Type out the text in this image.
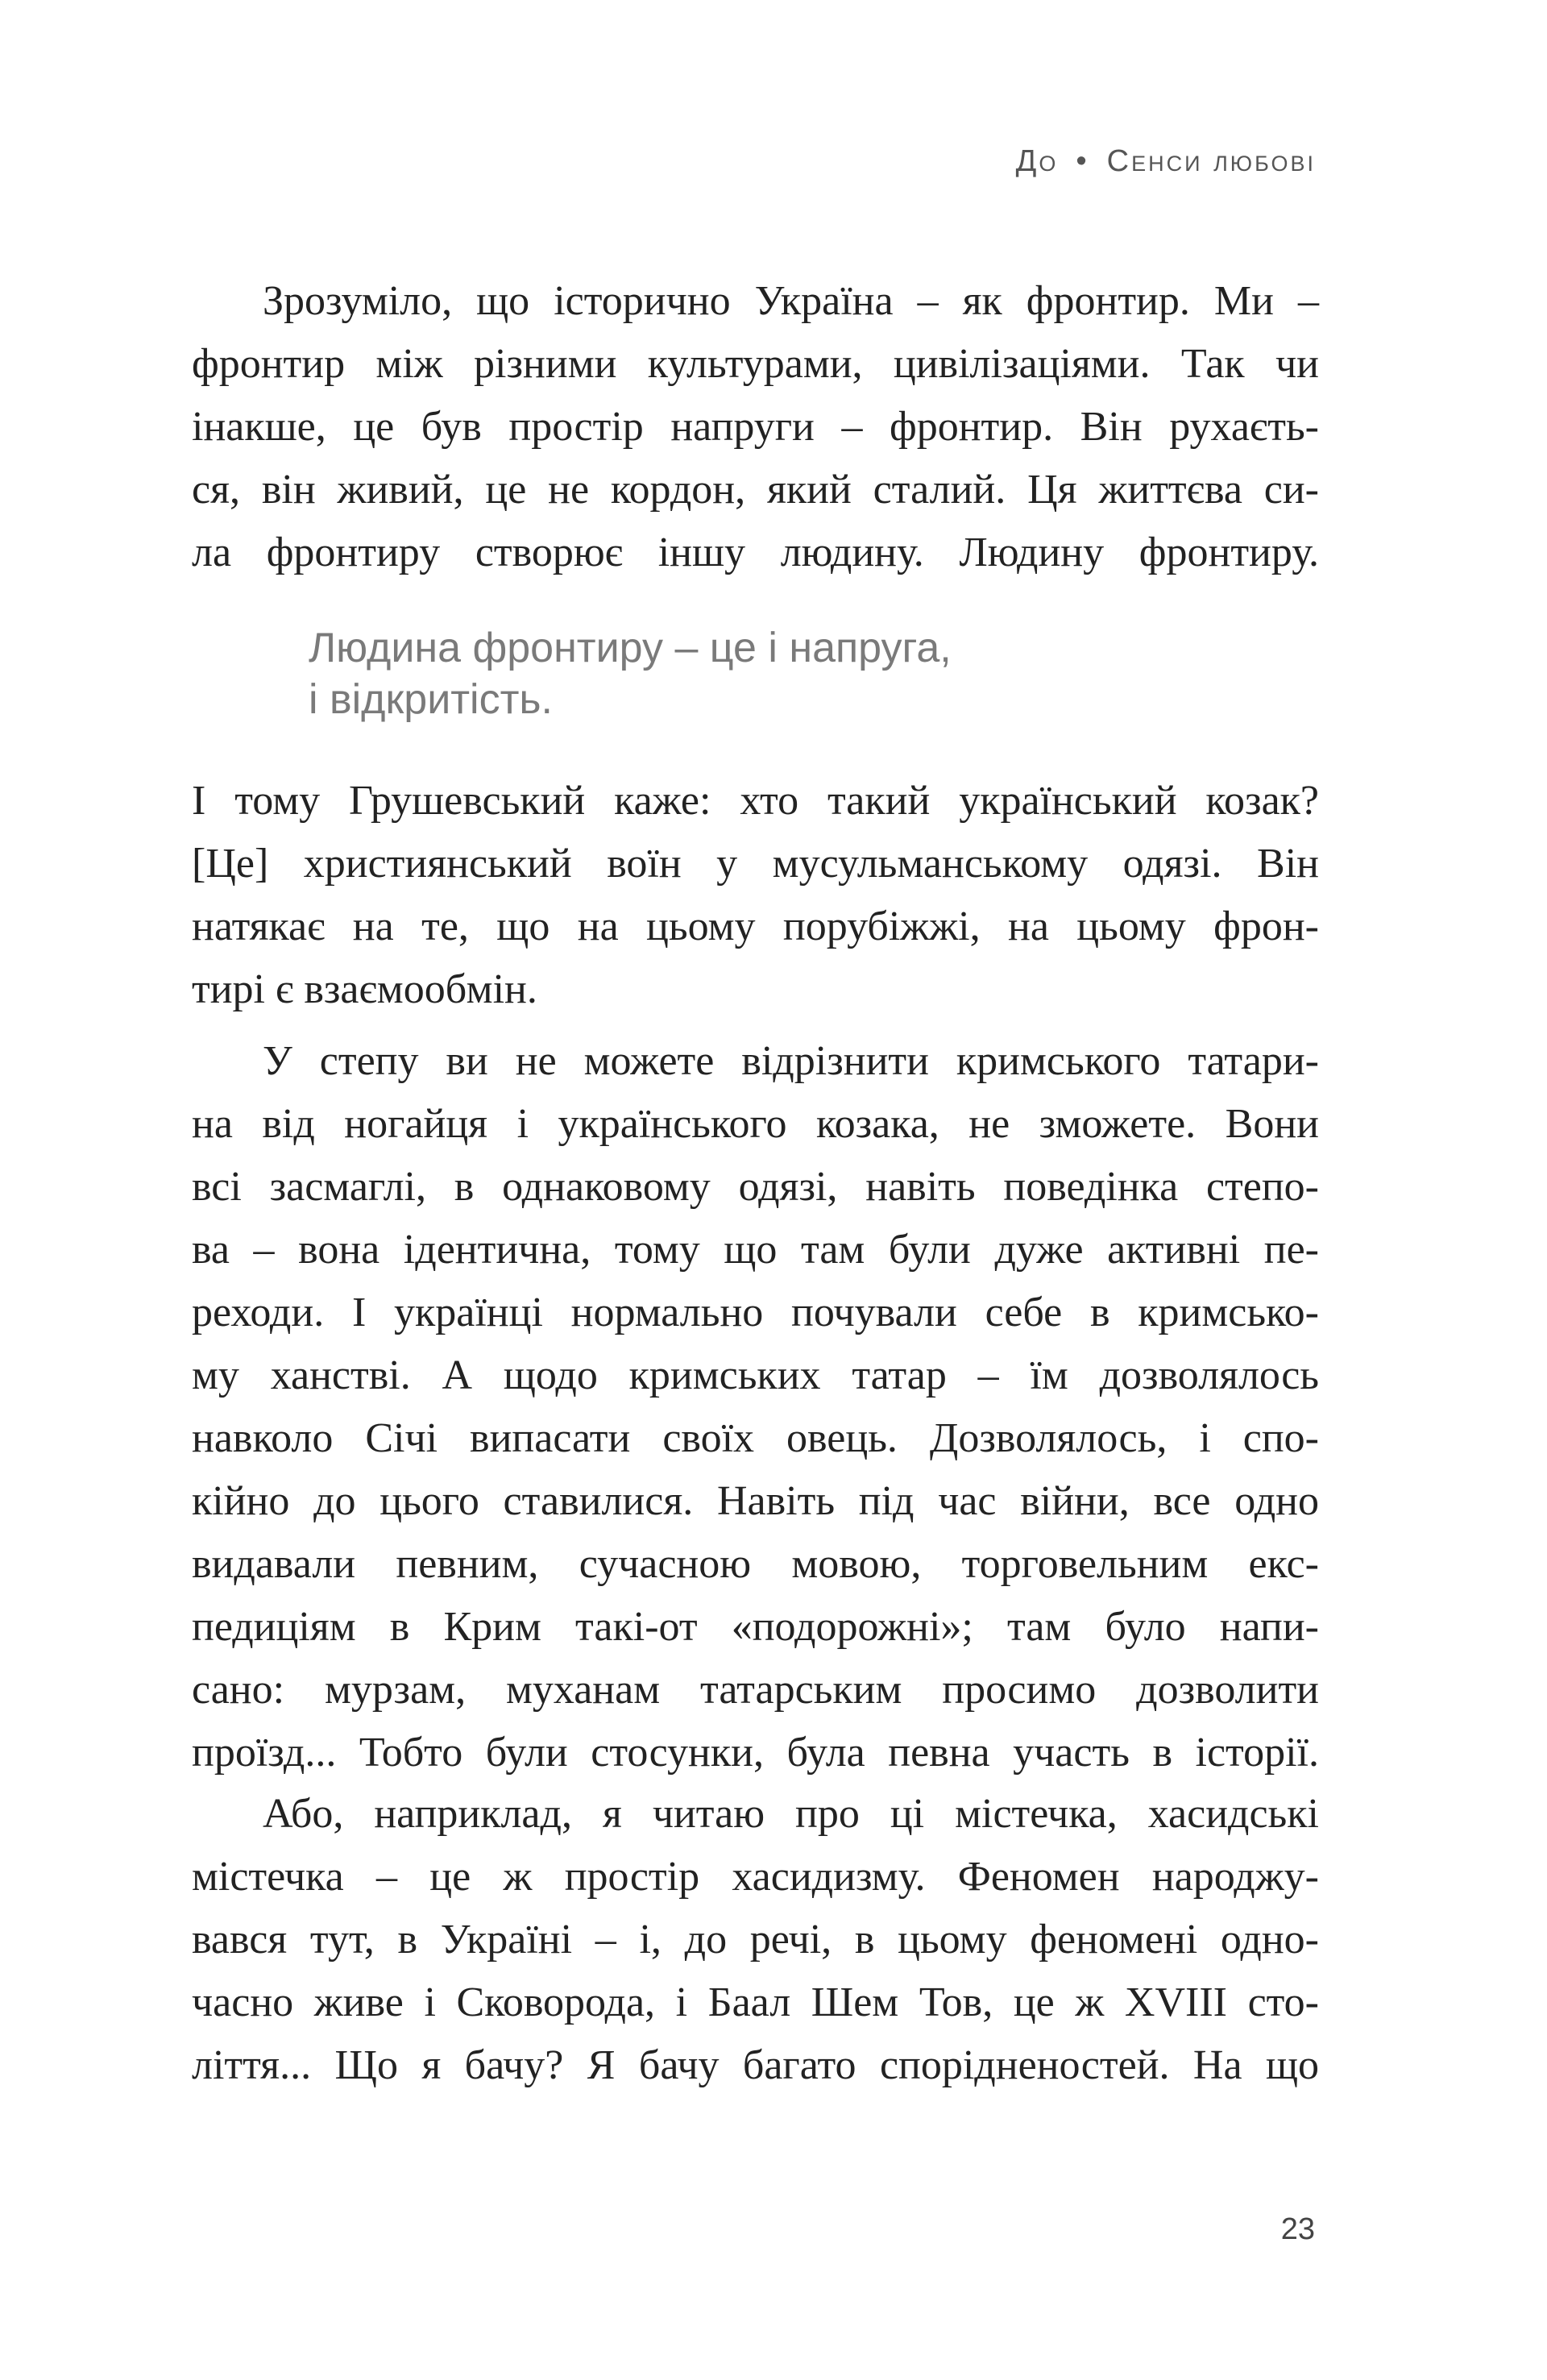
До • Сенси любові
Зрозуміло, що історично Україна – як фронтир. Ми –
фронтир між різними культурами, цивілізаціями. Так чи
інакше, це був простір напруги – фронтир. Він рухаєть-
ся, він живий, це не кордон, який сталий. Ця життєва си-
ла фронтиру створює іншу людину. Людину фронтиру.
Людина фронтиру – це і напруга,
і відкритість.
І тому Грушевський каже: хто такий український козак?
[Це] християнський воїн у мусульманському одязі. Він
натякає на те, що на цьому порубіжжі, на цьому фрон-
тирі є взаємообмін.
У степу ви не можете відрізнити кримського татари-
на від ногайця і українського козака, не зможете. Вони
всі засмаглі, в однаковому одязі, навіть поведінка степо-
ва – вона ідентична, тому що там були дуже активні пе-
реходи. І українці нормально почували себе в кримсько-
му ханстві. А щодо кримських татар – їм дозволялось
навколо Січі випасати своїх овець. Дозволялось, і спо-
кійно до цього ставилися. Навіть під час війни, все одно
видавали певним, сучасною мовою, торговельним екс-
педиціям в Крим такі-от «подорожні»; там було напи-
сано: мурзам, муханам татарським просимо дозволити
проїзд... Тобто були стосунки, була певна участь в історії.
Або, наприклад, я читаю про ці містечка, хасидські
містечка – це ж простір хасидизму. Феномен народжу-
вався тут, в Україні – і, до речі, в цьому феномені одно-
часно живе і Сковорода, і Баал Шем Тов, це ж XVIII сто-
ліття... Що я бачу? Я бачу багато спорідненостей. На що
23
